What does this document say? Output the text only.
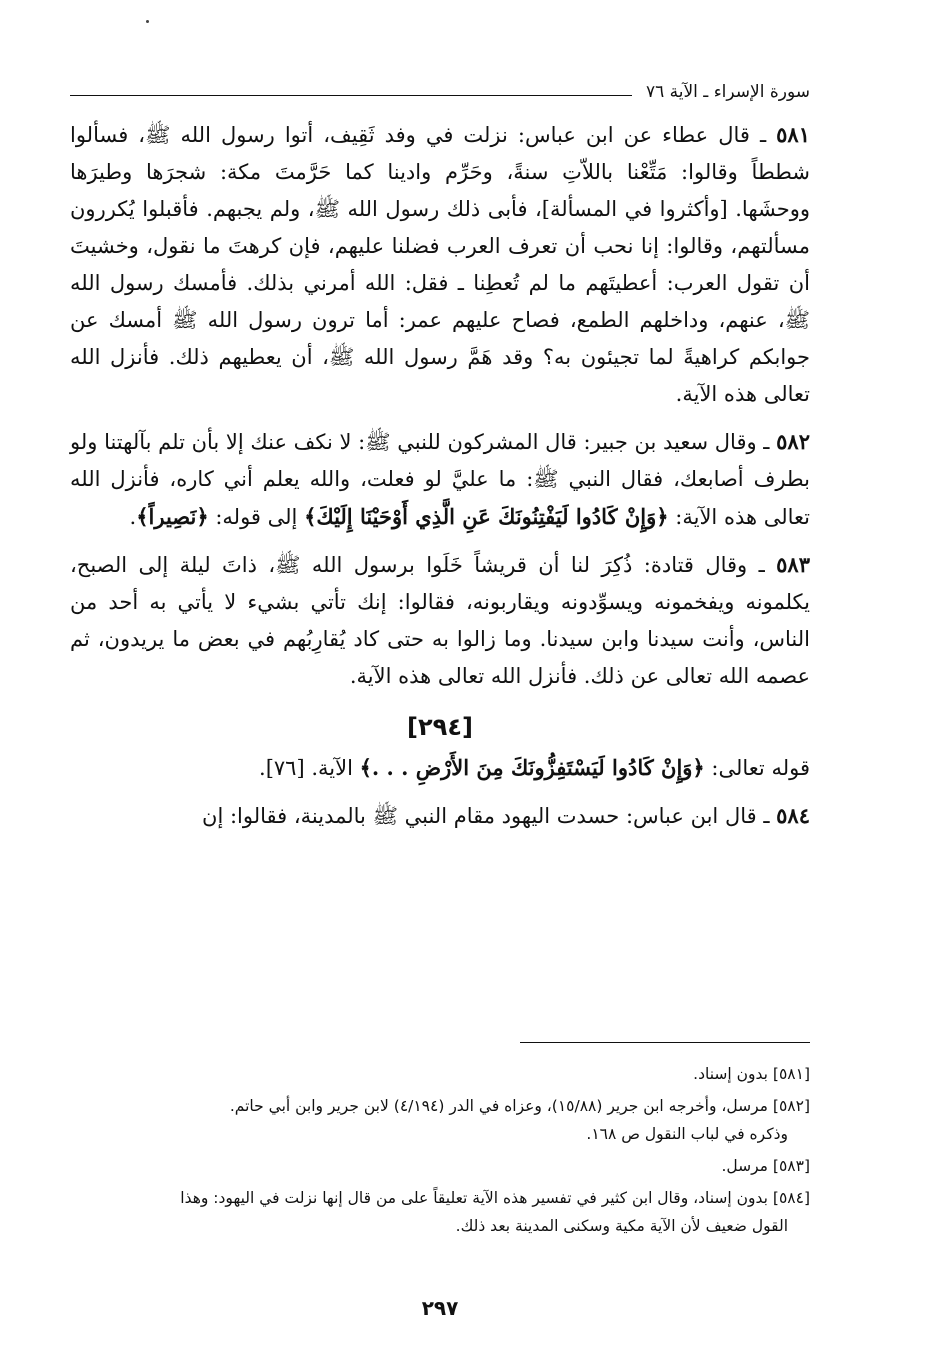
سورة الإسراء ـ الآية ٧٦

٥٨١ ـ قال عطاء عن ابن عباس: نزلت في وفد ثَقِيف، أتوا رسول الله ﷺ، فسألوا شططاً وقالوا: مَتِّعْنا باللاّتِ سنةً، وحَرِّم وادينا كما حَرَّمتَ مكة: شجرَها وطيرَها ووحشَها. [وأكثروا في المسألة]، فأبى ذلك رسول الله ﷺ، ولم يجبهم. فأقبلوا يُكررون مسألتهم، وقالوا: إنا نحب أن تعرف العرب فضلنا عليهم، فإن كرهتَ ما نقول، وخشيتَ أن تقول العرب: أعطيتَهم ما لم تُعطِنا ـ فقل: الله أمرني بذلك. فأمسك رسول الله ﷺ، عنهم، وداخلهم الطمع، فصاح عليهم عمر: أما ترون رسول الله ﷺ أمسك عن جوابكم كراهيةً لما تجيئون به؟ وقد هَمَّ رسول الله ﷺ، أن يعطيهم ذلك. فأنزل الله تعالى هذه الآية.

٥٨٢ ـ وقال سعيد بن جبير: قال المشركون للنبي ﷺ: لا نكف عنك إلا بأن تلم بآلهتنا ولو بطرف أصابعك، فقال النبي ﷺ: ما عليَّ لو فعلت، والله يعلم أني كاره، فأنزل الله تعالى هذه الآية: ﴿وَإِنْ كَادُوا لَيَفْتِنُونَكَ عَنِ الَّذِي أَوْحَيْنَا إِلَيْكَ﴾ إلى قوله: ﴿نَصِيراً﴾.

٥٨٣ ـ وقال قتادة: ذُكِرَ لنا أن قريشاً خَلَوا برسول الله ﷺ، ذاتَ ليلة إلى الصبح، يكلمونه ويفخمونه ويسوِّدونه ويقاربونه، فقالوا: إنك تأتي بشيء لا يأتي به أحد من الناس، وأنت سيدنا وابن سيدنا. وما زالوا به حتى كاد يُقارِبُهم في بعض ما يريدون، ثم عصمه الله تعالى عن ذلك. فأنزل الله تعالى هذه الآية.

[٢٩٤]

قوله تعالى: ﴿وَإِنْ كَادُوا لَيَسْتَفِزُّونَكَ مِنَ الأَرْضِ . . .﴾ الآية. [٧٦].

٥٨٤ ـ قال ابن عباس: حسدت اليهود مقام النبي ﷺ بالمدينة، فقالوا: إن

[٥٨١] بدون إسناد.

[٥٨٢] مرسل، وأخرجه ابن جرير (١٥/٨٨)، وعزاه في الدر (٤/١٩٤) لابن جرير وابن أبي حاتم.
وذكره في لباب النقول ص ١٦٨.

[٥٨٣] مرسل.

[٥٨٤] بدون إسناد، وقال ابن كثير في تفسير هذه الآية تعليقاً على من قال إنها نزلت في اليهود: وهذا
القول ضعيف لأن الآية مكية وسكنى المدينة بعد ذلك.

٢٩٧
